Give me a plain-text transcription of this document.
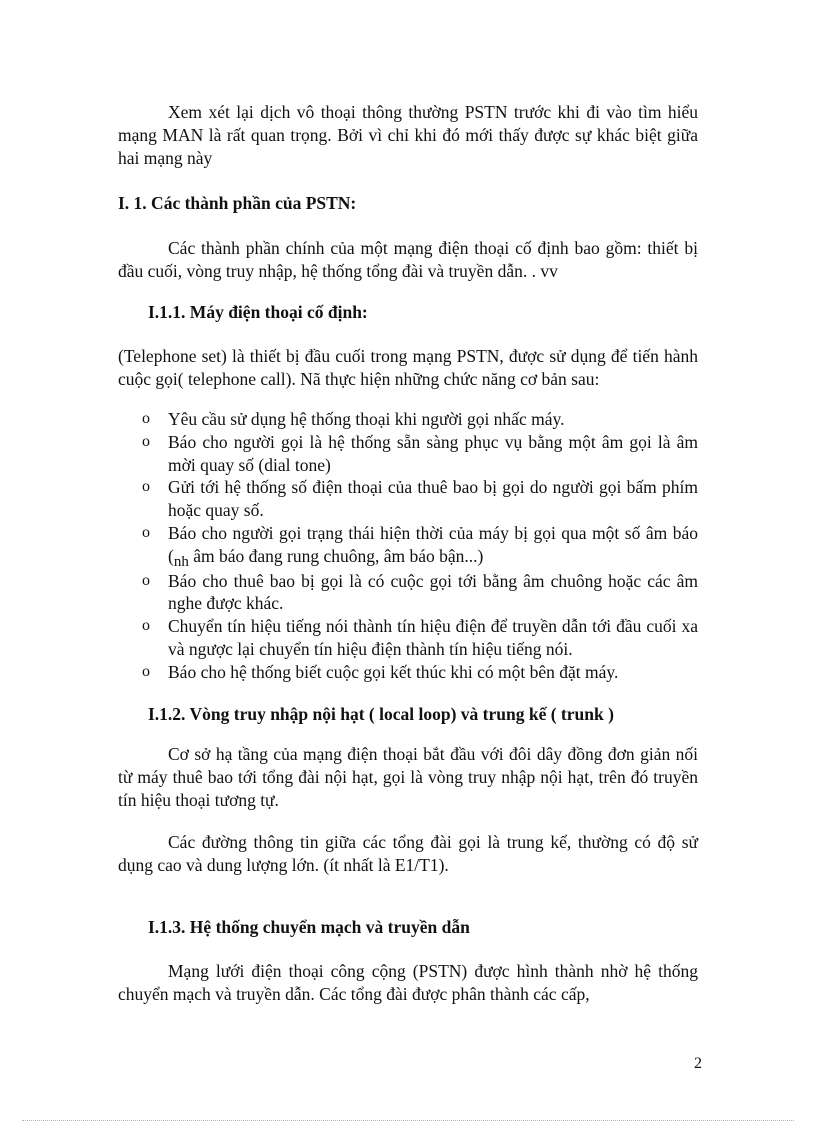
Xem xét lại dịch vô thoại thông thường PSTN trước khi đi vào tìm hiểu mạng MAN là rất quan trọng. Bởi vì chỉ khi đó mới thấy được sự khác biệt giữa hai mạng này

I. 1. Các thành phần của PSTN:

Các thành phần chính của một mạng điện thoại cố định bao gồm: thiết bị đầu cuối, vòng truy nhập, hệ thống tổng đài và truyền dẫn. . vv

I.1.1. Máy điện thoại cố định:

(Telephone set) là thiết bị đầu cuối trong mạng PSTN, được sử dụng để tiến hành cuộc gọi( telephone call). Nã thực hiện những chức năng cơ bản sau:

o Yêu cầu sử dụng hệ thống thoại khi người gọi nhấc máy.
o Báo cho người gọi là hệ thống sẵn sàng phục vụ bằng một âm gọi là âm mời quay số (dial tone)
o Gửi tới hệ thống số điện thoại của thuê bao bị gọi do người gọi bấm phím hoặc quay số.
o Báo cho người gọi trạng thái hiện thời của máy bị gọi qua một số âm báo (nh âm báo đang rung chuông, âm báo bận...)
o Báo cho thuê bao bị gọi là có cuộc gọi tới bằng âm chuông hoặc các âm nghe được khác.
o Chuyển tín hiệu tiếng nói thành tín hiệu điện để truyền dẫn tới đầu cuối xa và ngược lại chuyển tín hiệu điện thành tín hiệu tiếng nói.
o Báo cho hệ thống biết cuộc gọi kết thúc khi có một bên đặt máy.
I.1.2. Vòng truy nhập nội hạt ( local loop) và trung kế ( trunk )

Cơ sở hạ tầng của mạng điện thoại bắt đầu với đôi dây đồng đơn giản nối từ máy thuê bao tới tổng đài nội hạt, gọi là vòng truy nhập nội hạt, trên đó truyền tín hiệu thoại tương tự.

Các đường thông tin giữa các tổng đài gọi là trung kế, thường có độ sử dụng cao và dung lượng lớn. (ít nhất là E1/T1).

I.1.3. Hệ thống chuyển mạch và truyền dẫn

Mạng lưới điện thoại công cộng (PSTN) được hình thành nhờ hệ thống chuyển mạch và truyền dẫn. Các tổng đài được phân thành các cấp,

2
